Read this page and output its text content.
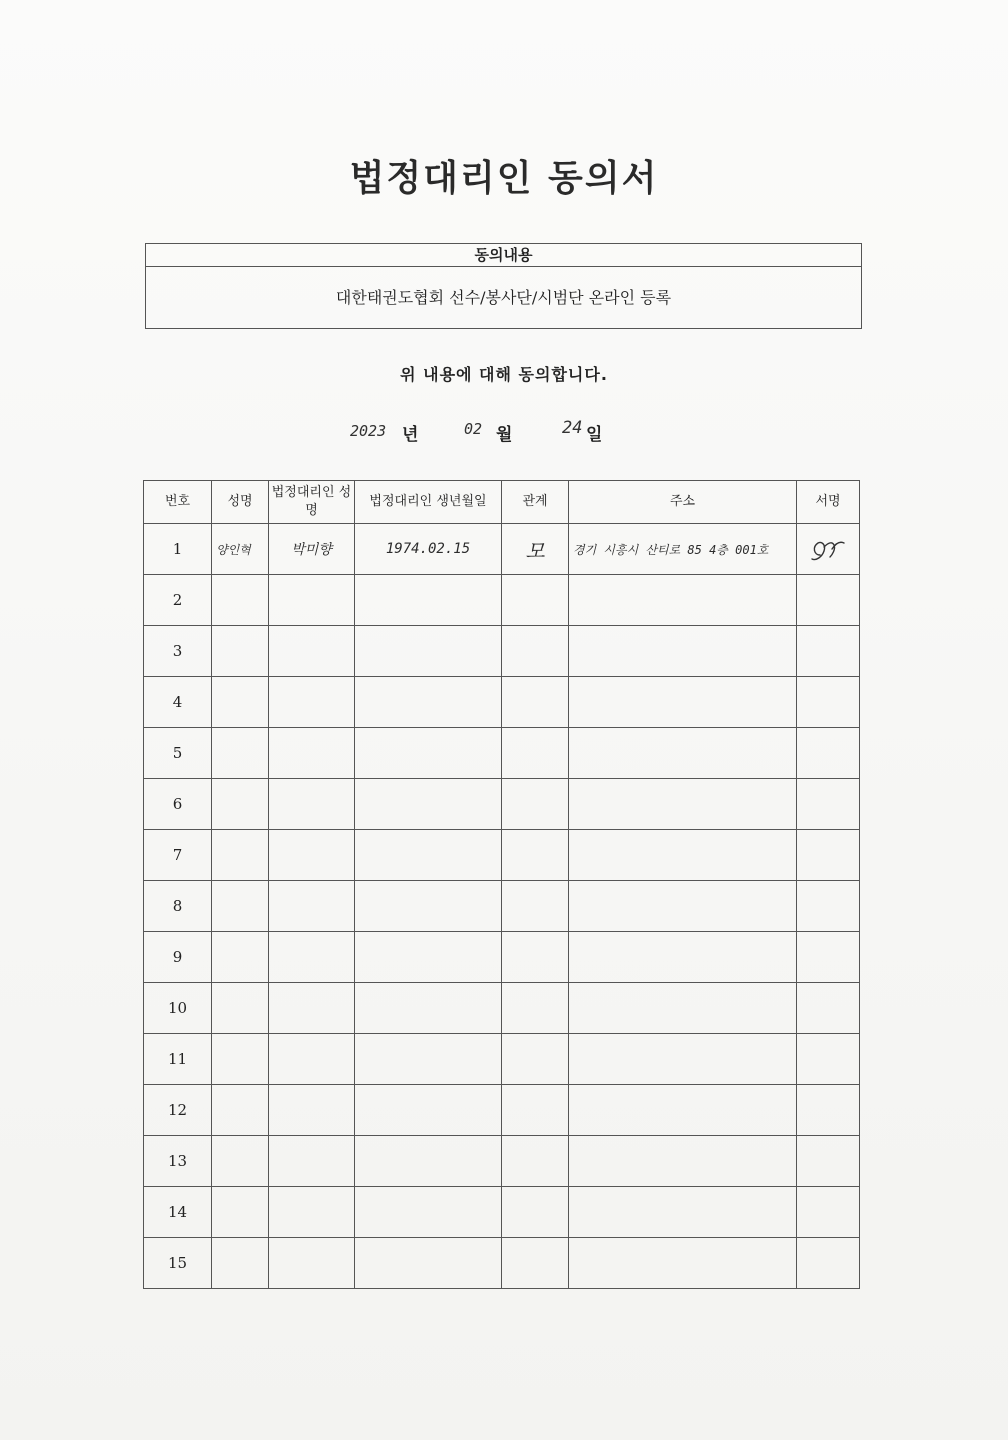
법정대리인 동의서
동의내용
대한태권도협회 선수/봉사단/시범단 온라인 등록
위 내용에 대해 동의합니다.
2023 년	02 월	24 일
번호	성명	법정대리인 성명	법정대리인 생년월일	관계	주소	서명
1	양인혁	박미향	1974.02.15	모	경기 시흥시 산티로 85 4층 001호	

2						
3						
4						
5						
6						
7						
8						
9						
10						
11						
12						
13						
14						
15						
